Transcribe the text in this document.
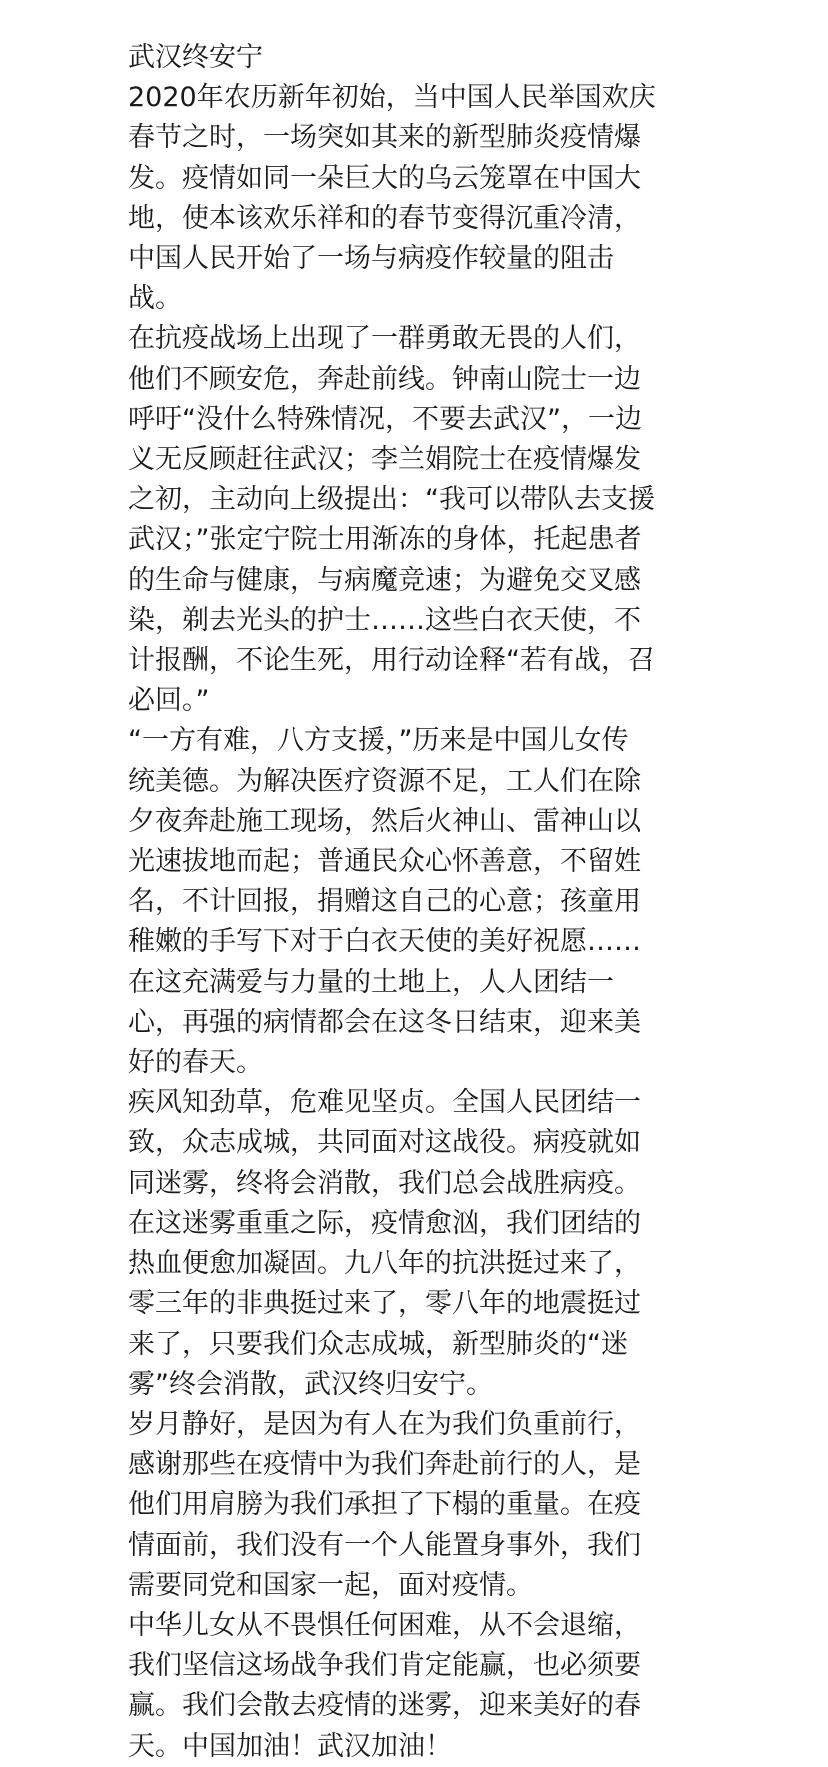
武汉终安宁

2020年农历新年初始，当中国人民举国欢庆
春节之时，一场突如其来的新型肺炎疫情爆
发。疫情如同一朵巨大的乌云笼罩在中国大
地，使本该欢乐祥和的春节变得沉重冷清，
中国人民开始了一场与病疫作较量的阻击
战。

在抗疫战场上出现了一群勇敢无畏的人们，
他们不顾安危，奔赴前线。钟南山院士一边
呼吁“没什么特殊情况，不要去武汉”，一边
义无反顾赶往武汉；李兰娟院士在疫情爆发
之初，主动向上级提出：“我可以带队去支援
武汉；”张定宁院士用渐冻的身体，托起患者
的生命与健康，与病魔竞速；为避免交叉感
染，剃去光头的护士……这些白衣天使，不
计报酬，不论生死，用行动诠释“若有战，召
必回。”

“一方有难，八方支援，”历来是中国儿女传
统美德。为解决医疗资源不足，工人们在除
夕夜奔赴施工现场，然后火神山、雷神山以
光速拔地而起；普通民众心怀善意，不留姓
名，不计回报，捐赠这自己的心意；孩童用
稚嫩的手写下对于白衣天使的美好祝愿……
在这充满爱与力量的土地上，人人团结一
心，再强的病情都会在这冬日结束，迎来美
好的春天。

疾风知劲草，危难见坚贞。全国人民团结一
致，众志成城，共同面对这战役。病疫就如
同迷雾，终将会消散，我们总会战胜病疫。
在这迷雾重重之际，疫情愈汹，我们团结的
热血便愈加凝固。九八年的抗洪挺过来了，
零三年的非典挺过来了，零八年的地震挺过
来了，只要我们众志成城，新型肺炎的“迷
雾”终会消散，武汉终归安宁。

岁月静好，是因为有人在为我们负重前行，
感谢那些在疫情中为我们奔赴前行的人，是
他们用肩膀为我们承担了下榻的重量。在疫
情面前，我们没有一个人能置身事外，我们
需要同党和国家一起，面对疫情。

中华儿女从不畏惧任何困难，从不会退缩，
我们坚信这场战争我们肯定能赢，也必须要
赢。我们会散去疫情的迷雾，迎来美好的春
天。中国加油！武汉加油！
